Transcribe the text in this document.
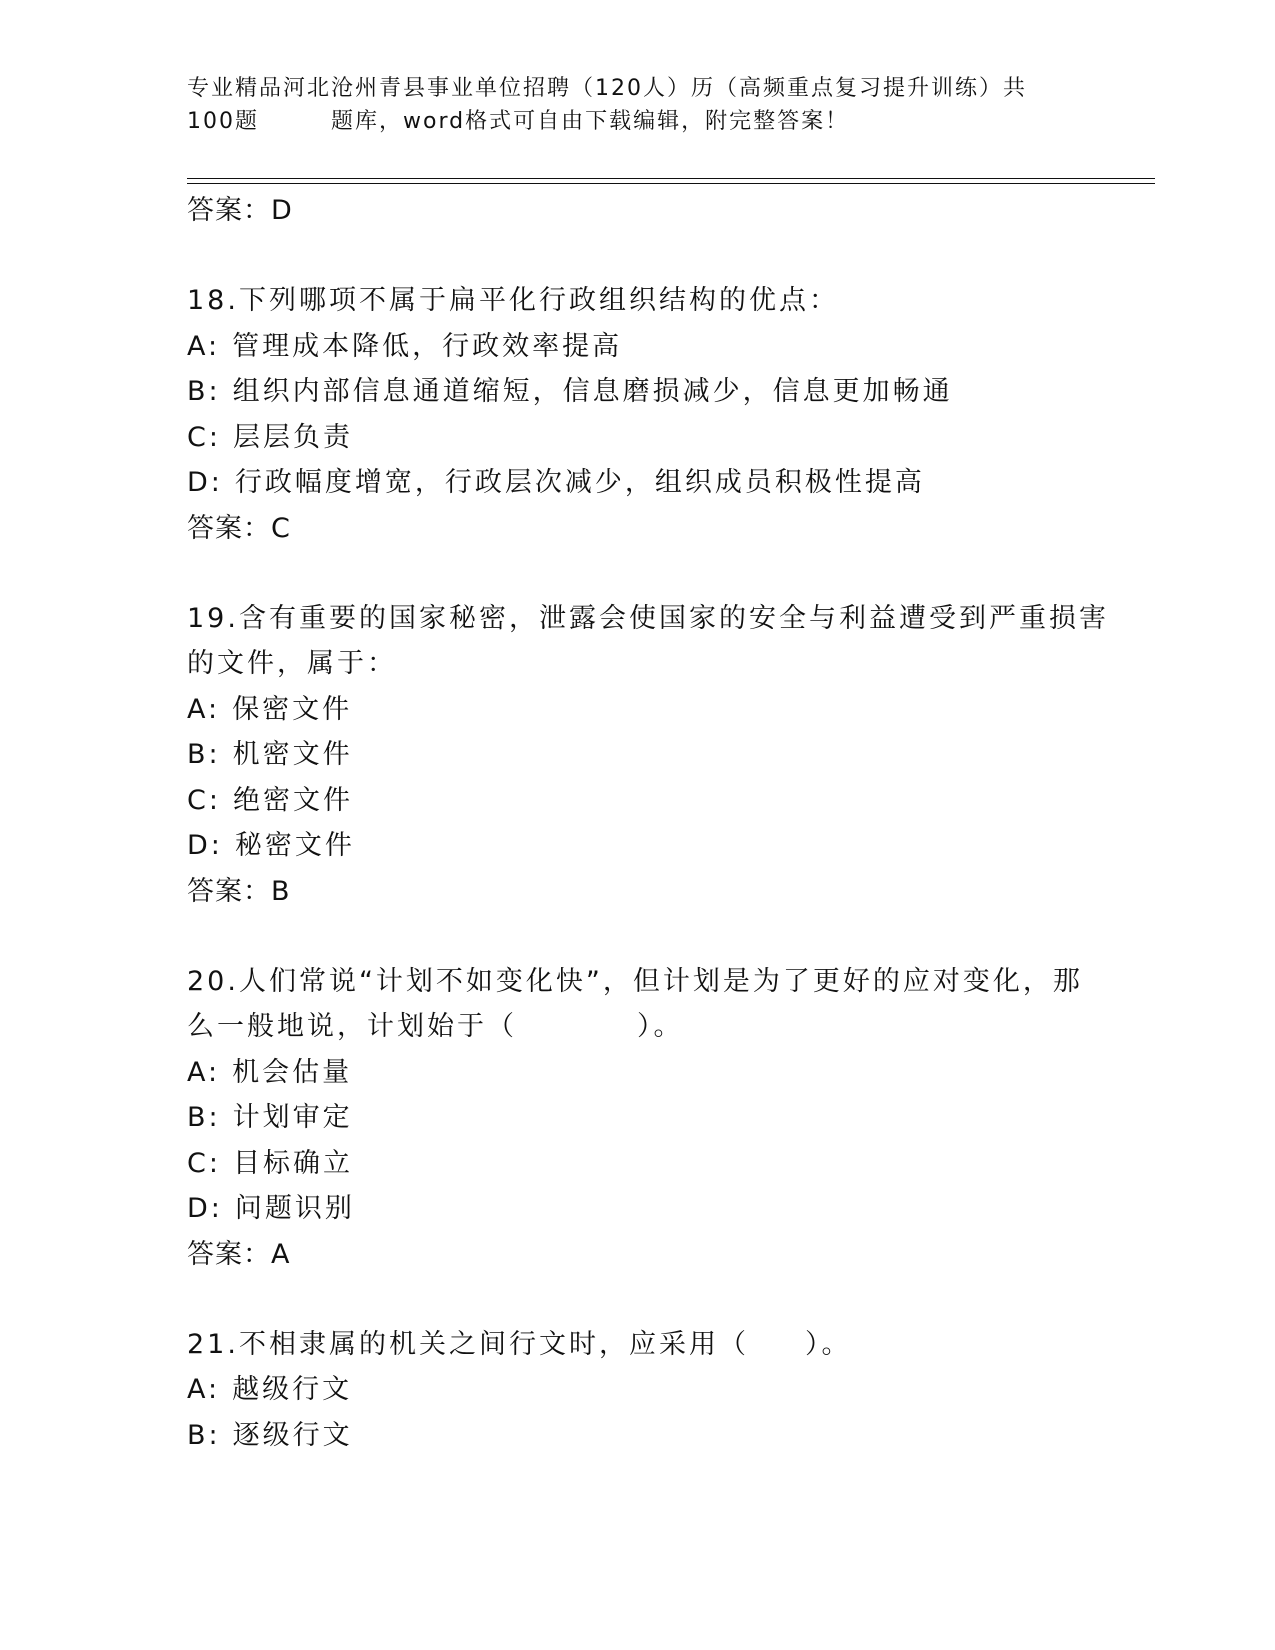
专业精品河北沧州青县事业单位招聘（120人）历（高频重点复习提升训练）共
100题	题库，word格式可自由下载编辑，附完整答案！
答案：D
18.下列哪项不属于扁平化行政组织结构的优点：
A: 管理成本降低，行政效率提高
B: 组织内部信息通道缩短，信息磨损减少，信息更加畅通
C: 层层负责
D: 行政幅度增宽，行政层次减少，组织成员积极性提高
答案：C
19.含有重要的国家秘密，泄露会使国家的安全与利益遭受到严重损害
的文件，属于：
A: 保密文件
B: 机密文件
C: 绝密文件
D: 秘密文件
答案：B
20.人们常说“计划不如变化快”，但计划是为了更好的应对变化，那
么一般地说，计划始于（	）。
A: 机会估量
B: 计划审定
C: 目标确立
D: 问题识别
答案：A
21.不相隶属的机关之间行文时，应采用（ ）。
A: 越级行文
B: 逐级行文
